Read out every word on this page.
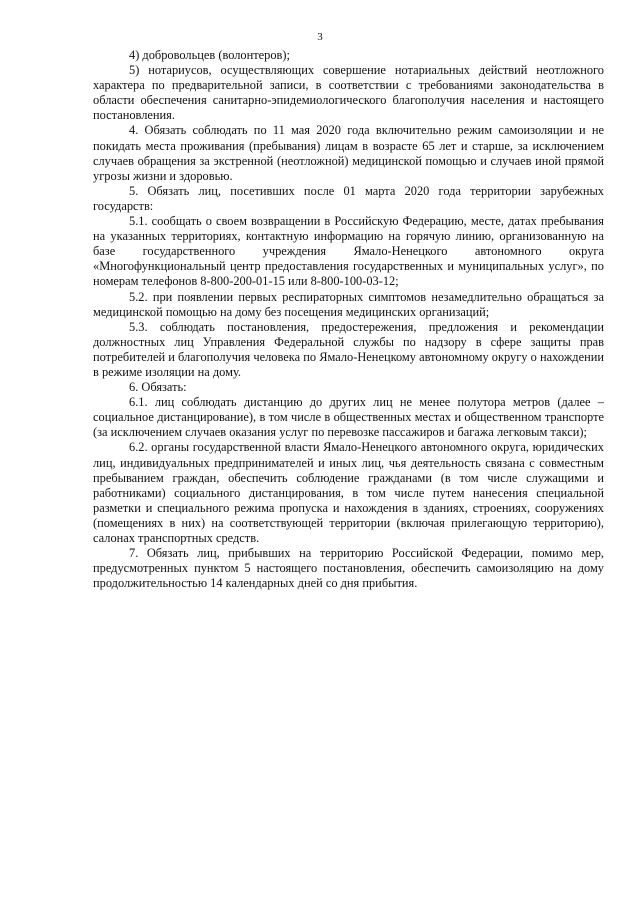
3

4) добровольцев (волонтеров);

5) нотариусов, осуществляющих совершение нотариальных действий неотложного характера по предварительной записи, в соответствии с требованиями законодательства в области обеспечения санитарно-эпидемиологического благополучия населения и настоящего постановления.

4. Обязать соблюдать по 11 мая 2020 года включительно режим самоизоляции и не покидать места проживания (пребывания) лицам в возрасте 65 лет и старше, за исключением случаев обращения за экстренной (неотложной) медицинской помощью и случаев иной прямой угрозы жизни и здоровью.

5. Обязать лиц, посетивших после 01 марта 2020 года территории зарубежных государств:

5.1. сообщать о своем возвращении в Российскую Федерацию, месте, датах пребывания на указанных территориях, контактную информацию на горячую линию, организованную на базе государственного учреждения Ямало-Ненецкого автономного округа «Многофункциональный центр предоставления государственных и муниципальных услуг», по номерам телефонов 8-800-200-01-15 или 8-800-100-03-12;

5.2. при появлении первых респираторных симптомов незамедлительно обращаться за медицинской помощью на дому без посещения медицинских организаций;

5.3. соблюдать постановления, предостережения, предложения и рекомендации должностных лиц Управления Федеральной службы по надзору в сфере защиты прав потребителей и благополучия человека по Ямало-Ненецкому автономному округу о нахождении в режиме изоляции на дому.

6. Обязать:

6.1. лиц соблюдать дистанцию до других лиц не менее полутора метров (далее – социальное дистанцирование), в том числе в общественных местах и общественном транспорте (за исключением случаев оказания услуг по перевозке пассажиров и багажа легковым такси);

6.2. органы государственной власти Ямало-Ненецкого автономного округа, юридических лиц, индивидуальных предпринимателей и иных лиц, чья деятельность связана с совместным пребыванием граждан, обеспечить соблюдение гражданами (в том числе служащими и работниками) социального дистанцирования, в том числе путем нанесения специальной разметки и специального режима пропуска и нахождения в зданиях, строениях, сооружениях (помещениях в них) на соответствующей территории (включая прилегающую территорию), салонах транспортных средств.

7. Обязать лиц, прибывших на территорию Российской Федерации, помимо мер, предусмотренных пунктом 5 настоящего постановления, обеспечить самоизоляцию на дому продолжительностью 14 календарных дней со дня прибытия.
